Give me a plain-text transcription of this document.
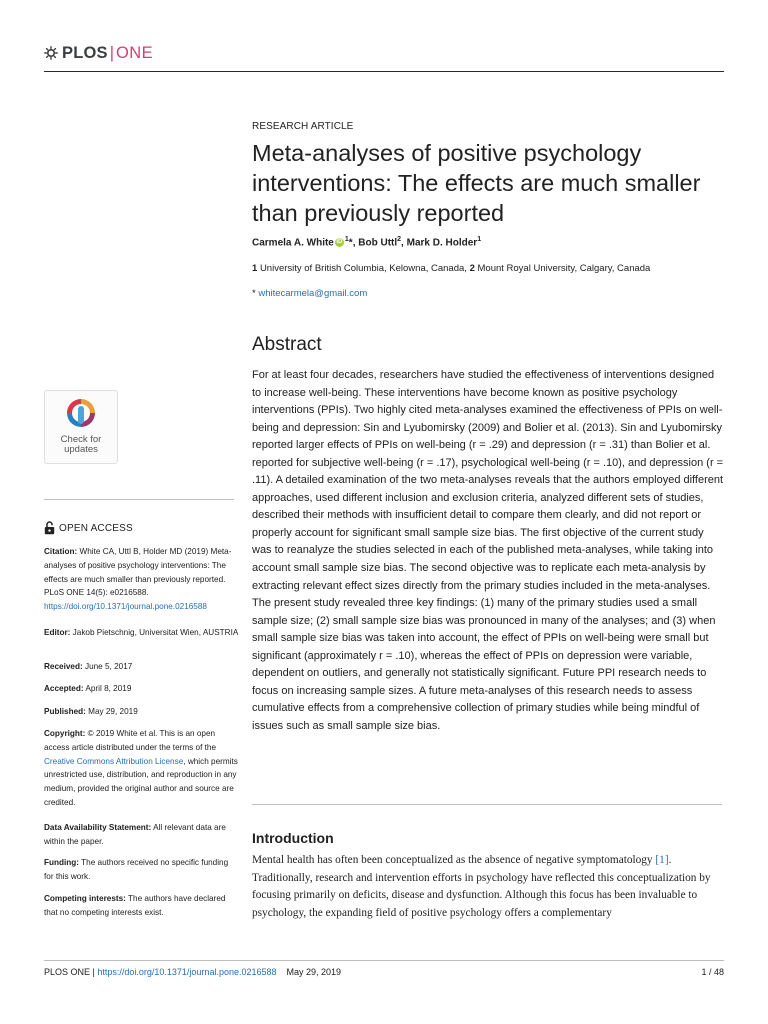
PLOS | ONE
RESEARCH ARTICLE
Meta-analyses of positive psychology interventions: The effects are much smaller than previously reported
Carmela A. White iD $^1$*, Bob Uttl$^2$, Mark D. Holder$^1$
1 University of British Columbia, Kelowna, Canada, 2 Mount Royal University, Calgary, Canada
* whitecarmela@gmail.com
Abstract
For at least four decades, researchers have studied the effectiveness of interventions designed to increase well-being. These interventions have become known as positive psychology interventions (PPIs). Two highly cited meta-analyses examined the effectiveness of PPIs on well-being and depression: Sin and Lyubomirsky (2009) and Bolier et al. (2013). Sin and Lyubomirsky reported larger effects of PPIs on well-being (r = .29) and depression (r = .31) than Bolier et al. reported for subjective well-being (r = .17), psychological well-being (r = .10), and depression (r = .11). A detailed examination of the two meta-analyses reveals that the authors employed different approaches, used different inclusion and exclusion criteria, analyzed different sets of studies, described their methods with insufficient detail to compare them clearly, and did not report or properly account for significant small sample size bias. The first objective of the current study was to reanalyze the studies selected in each of the published meta-analyses, while taking into account small sample size bias. The second objective was to replicate each meta-analysis by extracting relevant effect sizes directly from the primary studies included in the meta-analyses. The present study revealed three key findings: (1) many of the primary studies used a small sample size; (2) small sample size bias was pronounced in many of the analyses; and (3) when small sample size bias was taken into account, the effect of PPIs on well-being were small but significant (approximately r = .10), whereas the effect of PPIs on depression were variable, dependent on outliers, and generally not statistically significant. Future PPI research needs to focus on increasing sample sizes. A future meta-analyses of this research needs to assess cumulative effects from a comprehensive collection of primary studies while being mindful of issues such as small sample size bias.
Introduction
Mental health has often been conceptualized as the absence of negative symptomatology [1]. Traditionally, research and intervention efforts in psychology have reflected this conceptualization by focusing primarily on deficits, disease and dysfunction. Although this focus has been invaluable to psychology, the expanding field of positive psychology offers a complementary
Check for
updates
OPEN ACCESS
Citation: White CA, Uttl B, Holder MD (2019) Meta-analyses of positive psychology interventions: The effects are much smaller than previously reported. PLoS ONE 14(5): e0216588. https://doi.org/10.1371/journal.pone.0216588
Editor: Jakob Pietschnig, Universitat Wien, AUSTRIA
Received: June 5, 2017
Accepted: April 8, 2019
Published: May 29, 2019
Copyright: © 2019 White et al. This is an open access article distributed under the terms of the Creative Commons Attribution License, which permits unrestricted use, distribution, and reproduction in any medium, provided the original author and source are credited.
Data Availability Statement: All relevant data are within the paper.
Funding: The authors received no specific funding for this work.
Competing interests: The authors have declared that no competing interests exist.
PLOS ONE | https://doi.org/10.1371/journal.pone.0216588 May 29, 2019	1 / 48
